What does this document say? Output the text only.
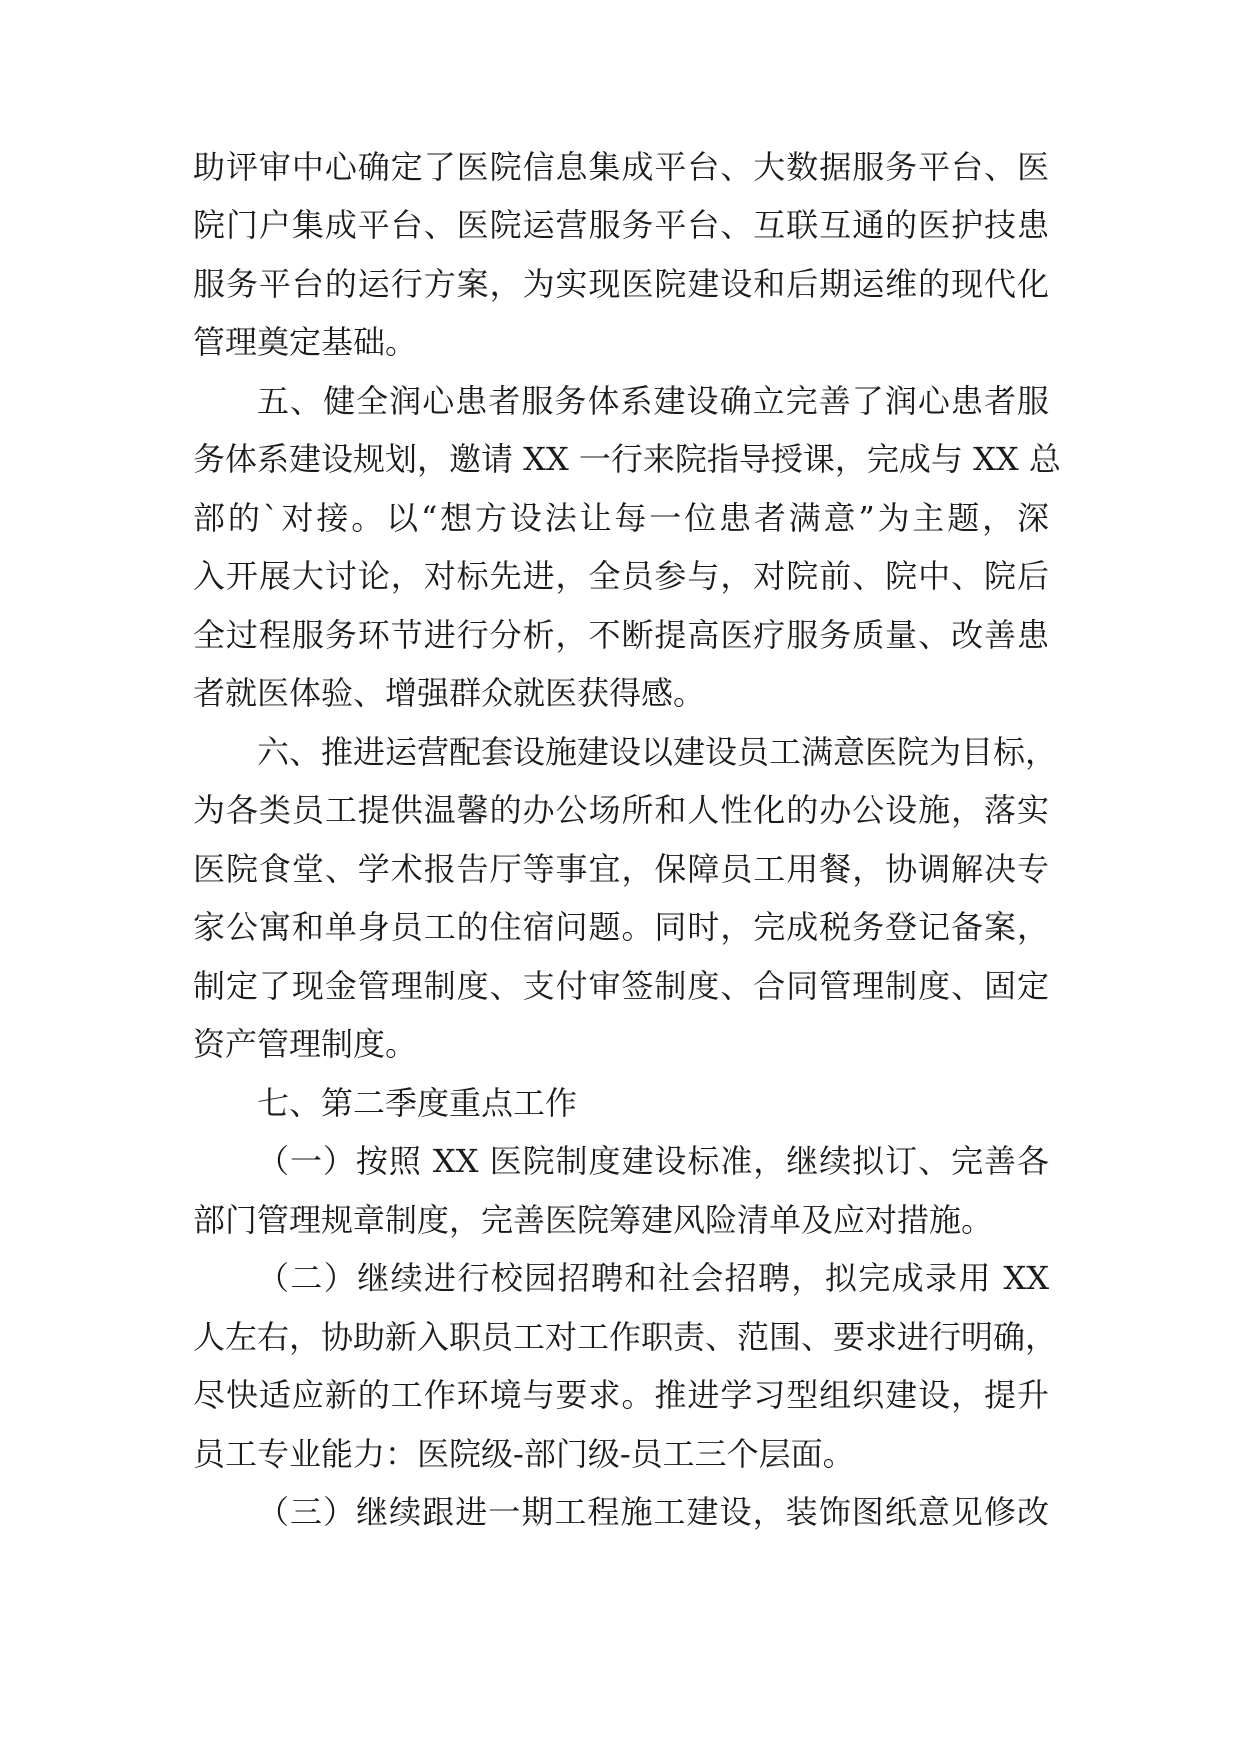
助评审中心确定了医院信息集成平台、大数据服务平台、医
院门户集成平台、医院运营服务平台、互联互通的医护技患
服务平台的运行方案，为实现医院建设和后期运维的现代化
管理奠定基础。
五、健全润心患者服务体系建设确立完善了润心患者服
务体系建设规划，邀请 XX 一行来院指导授课，完成与 XX 总
部的`对接。以“想方设法让每一位患者满意”为主题，深
入开展大讨论，对标先进，全员参与，对院前、院中、院后
全过程服务环节进行分析，不断提高医疗服务质量、改善患
者就医体验、增强群众就医获得感。
六、推进运营配套设施建设以建设员工满意医院为目标，
为各类员工提供温馨的办公场所和人性化的办公设施，落实
医院食堂、学术报告厅等事宜，保障员工用餐，协调解决专
家公寓和单身员工的住宿问题。同时，完成税务登记备案，
制定了现金管理制度、支付审签制度、合同管理制度、固定
资产管理制度。
七、第二季度重点工作
（一）按照 XX 医院制度建设标准，继续拟订、完善各
部门管理规章制度，完善医院筹建风险清单及应对措施。
（二）继续进行校园招聘和社会招聘，拟完成录用 XX
人左右，协助新入职员工对工作职责、范围、要求进行明确，
尽快适应新的工作环境与要求。推进学习型组织建设，提升
员工专业能力：医院级-部门级-员工三个层面。
（三）继续跟进一期工程施工建设，装饰图纸意见修改
